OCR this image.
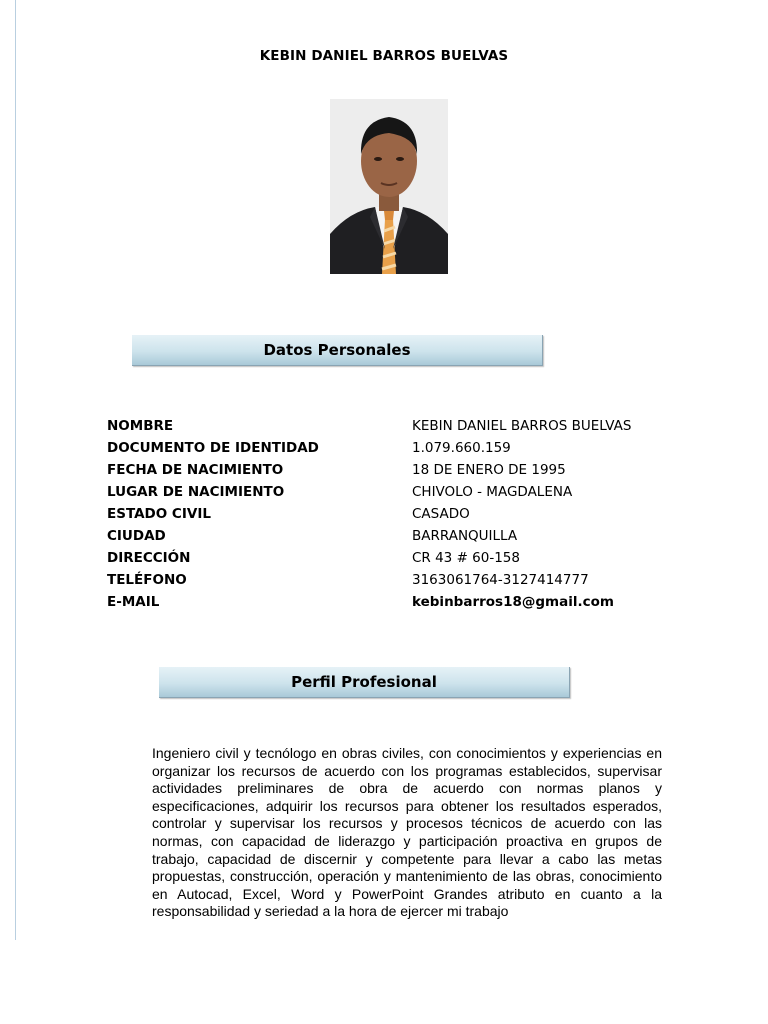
KEBIN DANIEL BARROS BUELVAS
Datos Personales
NOMBRE	KEBIN DANIEL BARROS BUELVAS
DOCUMENTO DE IDENTIDAD	1.079.660.159
FECHA DE NACIMIENTO	18 DE ENERO DE 1995
LUGAR DE NACIMIENTO	CHIVOLO - MAGDALENA
ESTADO CIVIL	CASADO
CIUDAD	BARRANQUILLA
DIRECCIÓN	CR 43 # 60-158
TELÉFONO	3163061764-3127414777
E-MAIL	kebinbarros18@gmail.com
Perfil Profesional
Ingeniero civil y tecnólogo en obras civiles, con conocimientos y experiencias en organizar los recursos de acuerdo con los programas establecidos, supervisar actividades preliminares de obra de acuerdo con normas planos y especificaciones, adquirir los recursos para obtener los resultados esperados, controlar y supervisar los recursos y procesos técnicos de acuerdo con las normas, con capacidad de liderazgo y participación proactiva en grupos de trabajo, capacidad de discernir y competente para llevar a cabo las metas propuestas, construcción, operación y mantenimiento de las obras, conocimiento en Autocad, Excel, Word y PowerPoint Grandes atributo en cuanto a la responsabilidad y seriedad a la hora de ejercer mi trabajo
